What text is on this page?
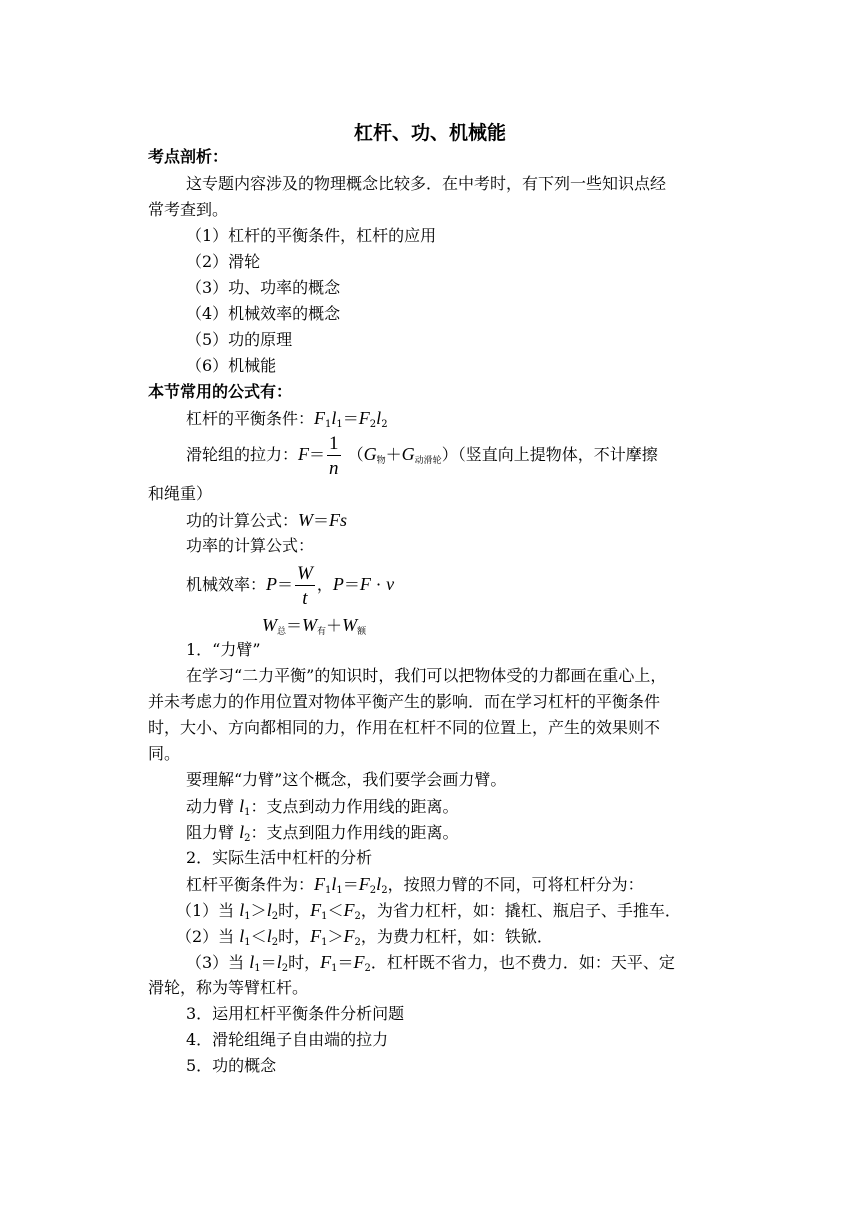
杠杆、功、机械能
考点剖析：
这专题内容涉及的物理概念比较多．在中考时，有下列一些知识点经
常考查到。
（1）杠杆的平衡条件，杠杆的应用
（2）滑轮
（3）功、功率的概念
（4）机械效率的概念
（5）功的原理
（6）机械能
本节常用的公式有：
杠杆的平衡条件：$F_1l_1=F_2l_2$
滑轮组的拉力：$F= \frac{1}{n} (G$物＋G动滑轮）（竖直向上提物体，不计摩擦
和绳重）
功的计算公式：W＝Fs
功率的计算公式：
机械效率：$P= \frac{W}{t}$ ，P＝F · v
W总＝W有＋W额
1．“力臂”
在学习“二力平衡”的知识时，我们可以把物体受的力都画在重心上，
并未考虑力的作用位置对物体平衡产生的影响．而在学习杠杆的平衡条件
时，大小、方向都相同的力，作用在杠杆不同的位置上，产生的效果则不
同。
要理解“力臂”这个概念，我们要学会画力臂。
动力臂 $l_1$：支点到动力作用线的距离。
阻力臂 $l_2$：支点到阻力作用线的距离。
2．实际生活中杠杆的分析
杠杆平衡条件为：$F_1l_1=F_2l_2$，按照力臂的不同，可将杠杆分为：
（1）当 $l_1>l_2$时，$F_1<F_2$，为省力杠杆，如：撬杠、瓶启子、手推车．
（2）当 $l_1<l_2$时，$F_1>F_2$，为费力杠杆，如：铁锨．
（3）当 $l_1=l_2$时，$F_1=F_2$．杠杆既不省力，也不费力．如：天平、定
滑轮，称为等臂杠杆。
3．运用杠杆平衡条件分析问题
4．滑轮组绳子自由端的拉力
5．功的概念
